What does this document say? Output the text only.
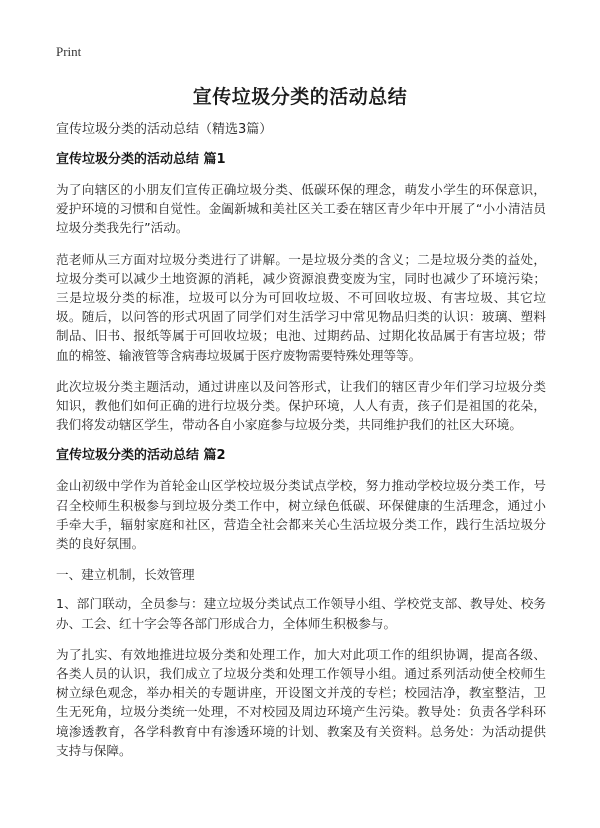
Print
宣传垃圾分类的活动总结

宣传垃圾分类的活动总结（精选3篇）

宣传垃圾分类的活动总结 篇1

为了向辖区的小朋友们宣传正确垃圾分类、低碳环保的理念，萌发小学生的环保意识，爱护环境的习惯和自觉性。金阖新城和美社区关工委在辖区青少年中开展了“小小清洁员垃圾分类我先行”活动。

范老师从三方面对垃圾分类进行了讲解。一是垃圾分类的含义；二是垃圾分类的益处，垃圾分类可以减少土地资源的消耗，减少资源浪费变废为宝，同时也减少了环境污染；三是垃圾分类的标准，垃圾可以分为可回收垃圾、不可回收垃圾、有害垃圾、其它垃圾。随后，以问答的形式巩固了同学们对生活学习中常见物品归类的认识：玻璃、塑料制品、旧书、报纸等属于可回收垃圾；电池、过期药品、过期化妆品属于有害垃圾；带血的棉签、输液管等含病毒垃圾属于医疗废物需要特殊处理等等。

此次垃圾分类主题活动，通过讲座以及问答形式，让我们的辖区青少年们学习垃圾分类知识，教他们如何正确的进行垃圾分类。保护环境，人人有责，孩子们是祖国的花朵，我们将发动辖区学生，带动各自小家庭参与垃圾分类，共同维护我们的社区大环境。

宣传垃圾分类的活动总结 篇2

金山初级中学作为首轮金山区学校垃圾分类试点学校，努力推动学校垃圾分类工作，号召全校师生积极参与到垃圾分类工作中，树立绿色低碳、环保健康的生活理念，通过小手牵大手，辐射家庭和社区，营造全社会都来关心生活垃圾分类工作，践行生活垃圾分类的良好氛围。

一、建立机制，长效管理

1、部门联动，全员参与：建立垃圾分类试点工作领导小组、学校党支部、教导处、校务办、工会、红十字会等各部门形成合力，全体师生积极参与。

为了扎实、有效地推进垃圾分类和处理工作，加大对此项工作的组织协调，提高各级、各类人员的认识，我们成立了垃圾分类和处理工作领导小组。通过系列活动使全校师生树立绿色观念，举办相关的专题讲座，开设图文并茂的专栏；校园洁净，教室整洁，卫生无死角，垃圾分类统一处理，不对校园及周边环境产生污染。教导处：负责各学科环境渗透教育，各学科教育中有渗透环境的计划、教案及有关资料。总务处：为活动提供支持与保障。
